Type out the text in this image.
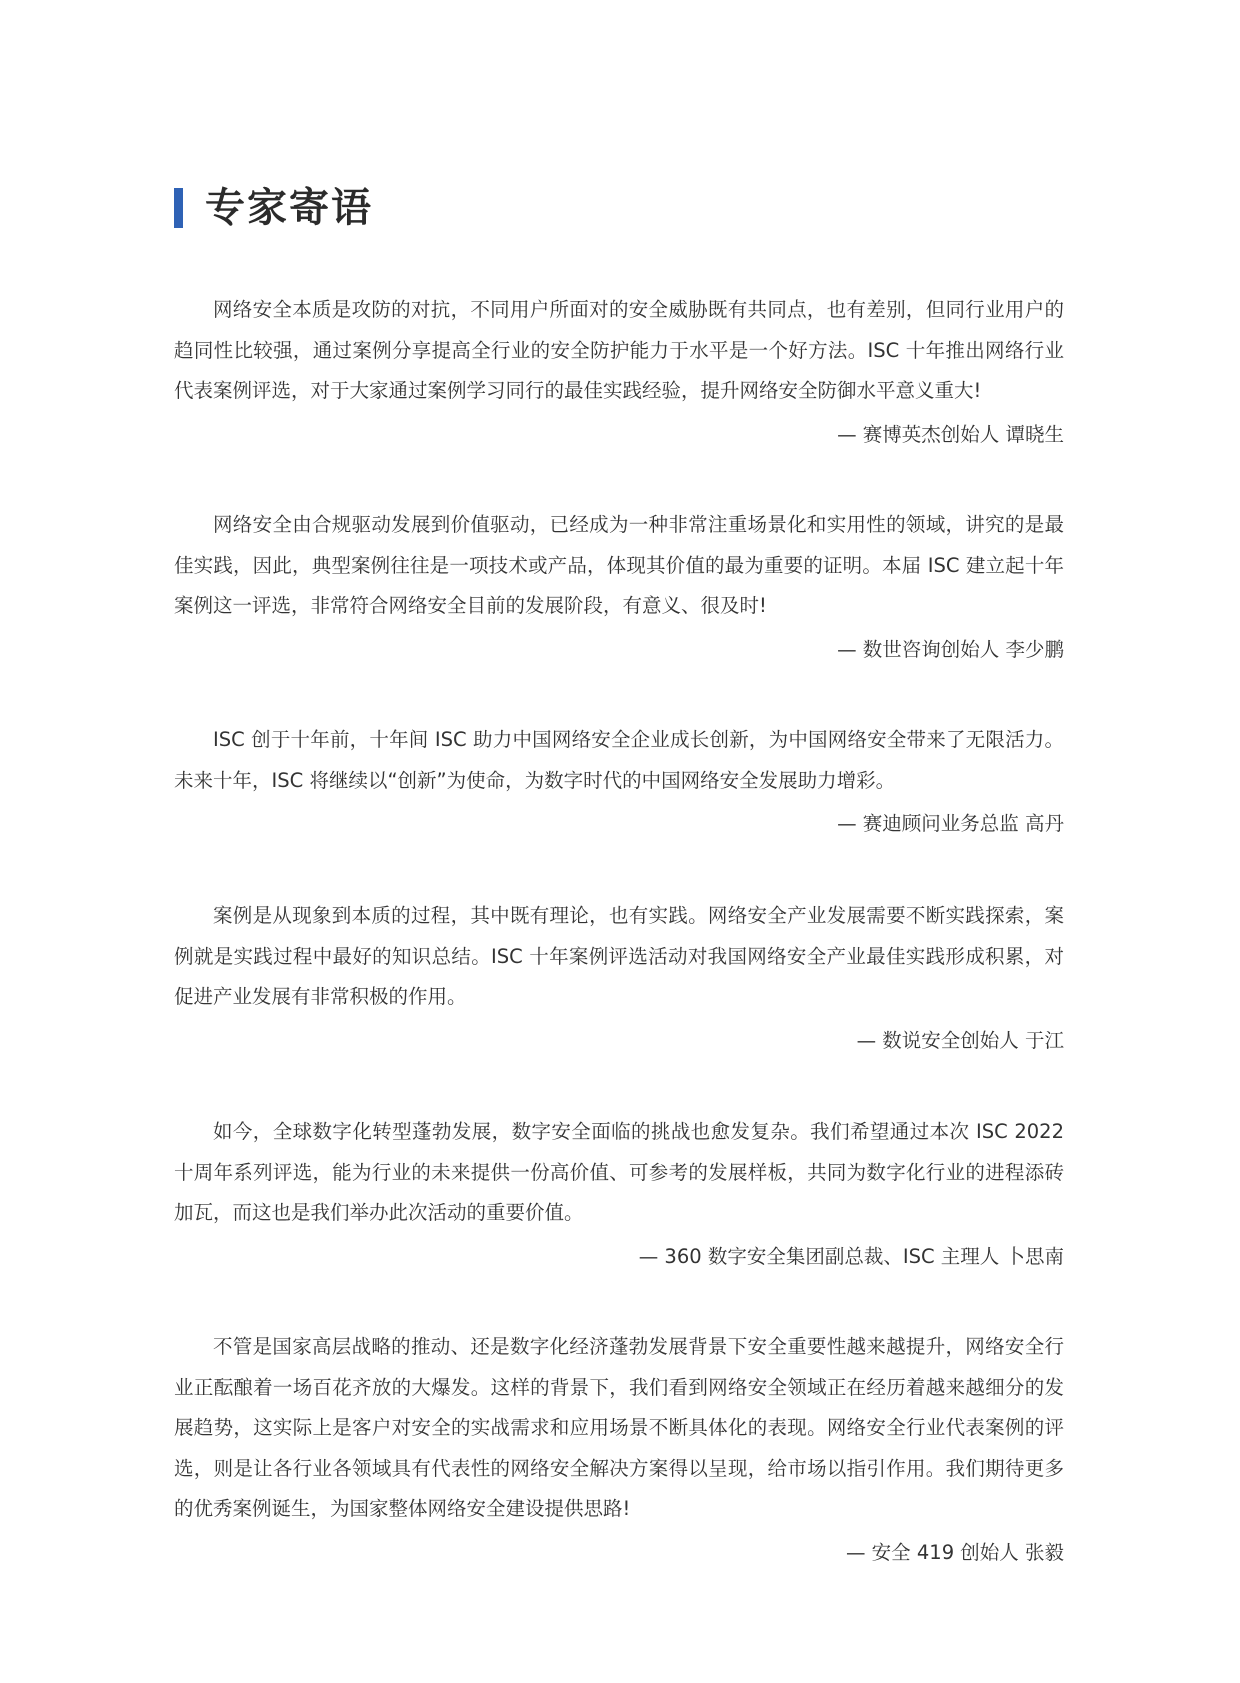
专家寄语

网络安全本质是攻防的对抗，不同用户所面对的安全威胁既有共同点，也有差别，但同行业用户的趋同性比较强，通过案例分享提高全行业的安全防护能力于水平是一个好方法。ISC 十年推出网络行业代表案例评选，对于大家通过案例学习同行的最佳实践经验，提升网络安全防御水平意义重大!

— 赛博英杰创始人 谭晓生

网络安全由合规驱动发展到价值驱动，已经成为一种非常注重场景化和实用性的领域，讲究的是最佳实践，因此，典型案例往往是一项技术或产品，体现其价值的最为重要的证明。本届 ISC 建立起十年案例这一评选，非常符合网络安全目前的发展阶段，有意义、很及时!

— 数世咨询创始人 李少鹏

ISC 创于十年前，十年间 ISC 助力中国网络安全企业成长创新，为中国网络安全带来了无限活力。未来十年，ISC 将继续以“创新”为使命，为数字时代的中国网络安全发展助力增彩。

— 赛迪顾问业务总监 高丹

案例是从现象到本质的过程，其中既有理论，也有实践。网络安全产业发展需要不断实践探索，案例就是实践过程中最好的知识总结。ISC 十年案例评选活动对我国网络安全产业最佳实践形成积累，对促进产业发展有非常积极的作用。

— 数说安全创始人 于江

如今，全球数字化转型蓬勃发展，数字安全面临的挑战也愈发复杂。我们希望通过本次 ISC 2022 十周年系列评选，能为行业的未来提供一份高价值、可参考的发展样板，共同为数字化行业的进程添砖加瓦，而这也是我们举办此次活动的重要价值。

— 360 数字安全集团副总裁、ISC 主理人 卜思南

不管是国家高层战略的推动、还是数字化经济蓬勃发展背景下安全重要性越来越提升，网络安全行业正酝酿着一场百花齐放的大爆发。这样的背景下，我们看到网络安全领域正在经历着越来越细分的发展趋势，这实际上是客户对安全的实战需求和应用场景不断具体化的表现。网络安全行业代表案例的评选，则是让各行业各领域具有代表性的网络安全解决方案得以呈现，给市场以指引作用。我们期待更多的优秀案例诞生，为国家整体网络安全建设提供思路!

— 安全 419 创始人 张毅
